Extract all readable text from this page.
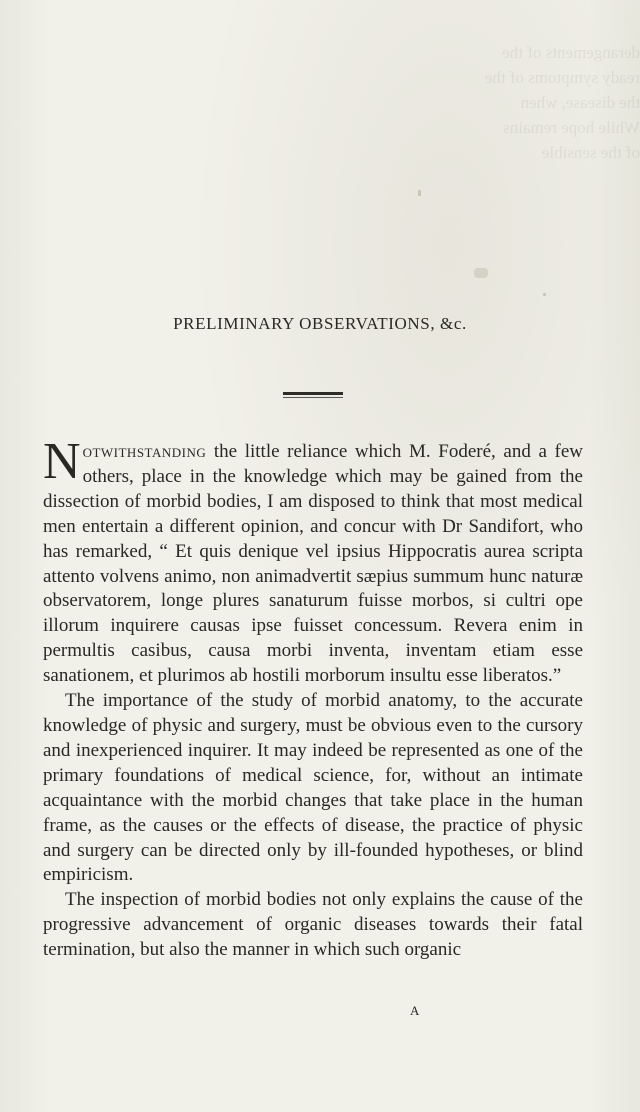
derangements of the
ready symptoms of the
the disease, when
While hope remains
of the sensible
PRELIMINARY OBSERVATIONS, &c.

Notwithstanding the little reliance which M. Foderé, and a few others, place in the knowledge which may be gained from the dissection of morbid bodies, I am disposed to think that most medical men entertain a different opinion, and concur with Dr Sandifort, who has remarked, “ Et quis denique vel ipsius Hippocratis aurea scripta attento volvens animo, non animadvertit sæpius summum hunc naturæ observatorem, longe plures sanaturum fuisse morbos, si cultri ope illorum inquirere causas ipse fuisset concessum. Revera enim in permultis casibus, causa morbi inventa, inventam etiam esse sanationem, et plurimos ab hostili morborum insultu esse liberatos.”

The importance of the study of morbid anatomy, to the accurate knowledge of physic and surgery, must be obvious even to the cursory and inexperienced inquirer. It may indeed be represented as one of the primary foundations of medical science, for, without an intimate acquaintance with the morbid changes that take place in the human frame, as the causes or the effects of disease, the practice of physic and surgery can be directed only by ill-founded hypotheses, or blind empiricism.

The inspection of morbid bodies not only explains the cause of the progressive advancement of organic diseases towards their fatal termination, but also the manner in which such organic

A
